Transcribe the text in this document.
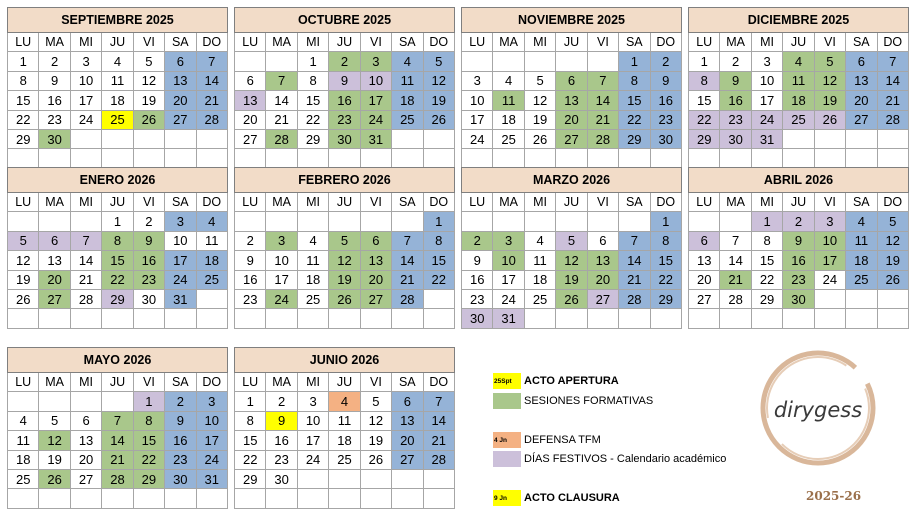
SEPTIEMBRE 2025						
LU	MA	MI	JU	VI	SA	DO
1	2	3	4	5	6	7
8	9	10	11	12	13	14
15	16	17	18	19	20	21
22	23	24	25	26	27	28
29	30					

OCTUBRE 2025						
LU	MA	MI	JU	VI	SA	DO
		1	2	3	4	5
6	7	8	9	10	11	12
13	14	15	16	17	18	19
20	21	22	23	24	25	26
27	28	29	30	31		

NOVIEMBRE 2025						
LU	MA	MI	JU	VI	SA	DO
					1	2
3	4	5	6	7	8	9
10	11	12	13	14	15	16
17	18	19	20	21	22	23
24	25	26	27	28	29	30

DICIEMBRE 2025						
LU	MA	MI	JU	VI	SA	DO
1	2	3	4	5	6	7
8	9	10	11	12	13	14
15	16	17	18	19	20	21
22	23	24	25	26	27	28
29	30	31				

ENERO 2026						
LU	MA	MI	JU	VI	SA	DO
			1	2	3	4
5	6	7	8	9	10	11
12	13	14	15	16	17	18
19	20	21	22	23	24	25
26	27	28	29	30	31	

FEBRERO 2026						
LU	MA	MI	JU	VI	SA	DO
						1
2	3	4	5	6	7	8
9	10	11	12	13	14	15
16	17	18	19	20	21	22
23	24	25	26	27	28	

MARZO 2026						
LU	MA	MI	JU	VI	SA	DO
						1
2	3	4	5	6	7	8
9	10	11	12	13	14	15
16	17	18	19	20	21	22
23	24	25	26	27	28	29
30	31					
ABRIL 2026						
LU	MA	MI	JU	VI	SA	DO
		1	2	3	4	5
6	7	8	9	10	11	12
13	14	15	16	17	18	19
20	21	22	23	24	25	26
27	28	29	30			

MAYO 2026						
LU	MA	MI	JU	VI	SA	DO
				1	2	3
4	5	6	7	8	9	10
11	12	13	14	15	16	17
18	19	20	21	22	23	24
25	26	27	28	29	30	31

JUNIO 2026						
LU	MA	MI	JU	VI	SA	DO
1	2	3	4	5	6	7
8	9	10	11	12	13	14
15	16	17	18	19	20	21
22	23	24	25	26	27	28
29	30					

25Spt	ACTO APERTURA
SESIONES FORMATIVAS
4 Jn	DEFENSA TFM
DÍAS FESTIVOS - Calendario académico
9 Jn	ACTO CLAUSURA
dirygess
2025-26
